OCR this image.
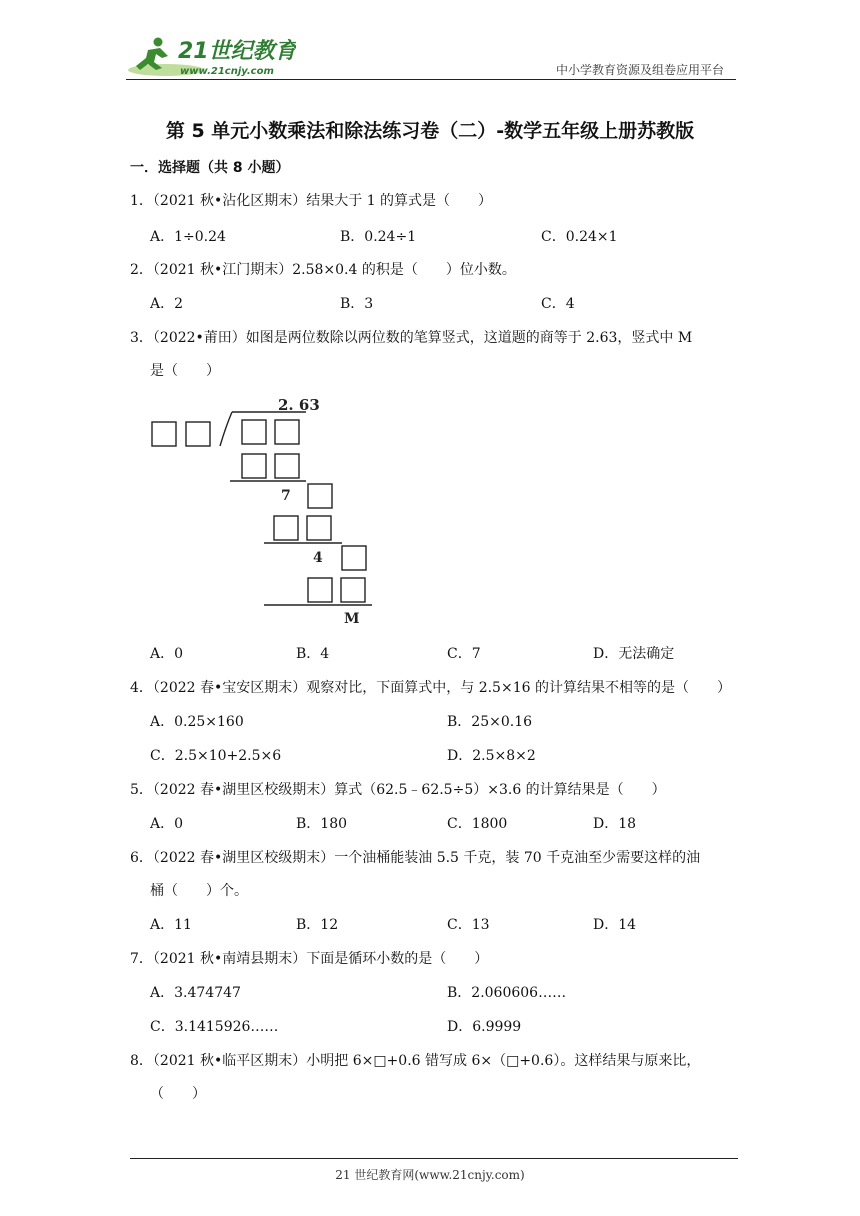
21世纪教育
www.21cnjy.com	中小学教育资源及组卷应用平台
第 5 单元小数乘法和除法练习卷（二）-数学五年级上册苏教版
一．选择题（共 8 小题）
1．（2021 秋•沾化区期末）结果大于 1 的算式是（　　）
A．1÷0.24	B．0.24÷1	C．0.24×1
2．（2021 秋•江门期末）2.58×0.4 的积是（　　）位小数。
A．2	B．3	C．4
3．（2022•莆田）如图是两位数除以两位数的笔算竖式，这道题的商等于 2.63，竖式中 M
是（　　）
2. 63
7
4
M
A．0	B．4	C．7	D．无法确定
4．（2022 春•宝安区期末）观察对比，下面算式中，与 2.5×16 的计算结果不相等的是（　　）
A．0.25×160	B．25×0.16
C．2.5×10+2.5×6	D．2.5×8×2
5．（2022 春•湖里区校级期末）算式（62.5﹣62.5÷5）×3.6 的计算结果是（　　）
A．0	B．180	C．1800	D．18
6．（2022 春•湖里区校级期末）一个油桶能装油 5.5 千克，装 70 千克油至少需要这样的油
桶（　　）个。
A．11	B．12	C．13	D．14
7．（2021 秋•南靖县期末）下面是循环小数的是（　　）
A．3.474747	B．2.060606……
C．3.1415926……	D．6.9999
8．（2021 秋•临平区期末）小明把 6×□+0.6 错写成 6×（□+0.6）。这样结果与原来比，
（　　）
21 世纪教育网(www.21cnjy.com)
